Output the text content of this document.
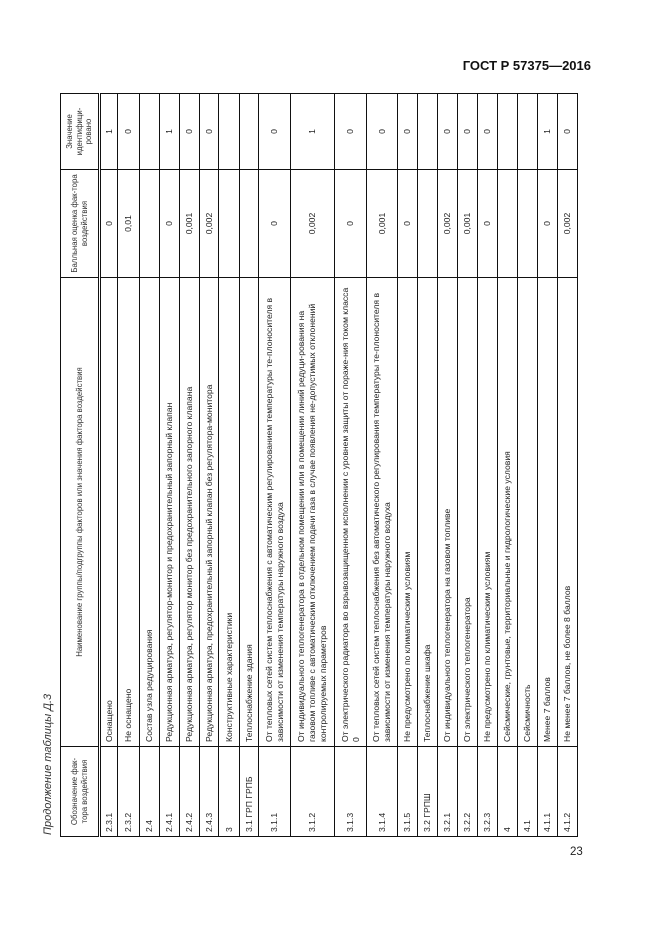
ГОСТ Р 57375—2016
Продолжение таблицы Д.3 Обозначение фак-тора воздействия	Наименование группы/подгруппы факторов или значения фактора воздействия	Балльная оценка фак-тора воздействия	Значение идентифици-ровано
2.3.1	Оснащено	0	1
2.3.2	Не оснащено	0,01	0
2.4	Состав узла редуцирования		
2.4.1	Редукционная арматура, регулятор-монитор и предохранительный запорный клапан	0	1
2.4.2	Редукционная арматура, регулятор монитор без предохранительного запорного клапана	0,001	0
2.4.3	Редукционная арматура, предохранительный запорный клапан без регулятора-монитора	0,002	0
3	Конструктивные характеристики		
3.1 ГРП ГРПБ	Теплоснабжение здания		
3.1.1	От тепловых сетей систем теплоснабжения с автоматическим регулированием температуры те-плоносителя в зависимости от изменения температуры наружного воздуха	0	0
3.1.2	От индивидуального теплогенератора в отдельном помещении или в помещении линий редуци-рования на газовом топливе с автоматическим отключением подачи газа в случае появления не-допустимых отклонений контролируемых параметров	0,002	1
3.1.3	От электрического радиатора во взрывозащищенном исполнении с уровнем защиты от пораже-ния током класса 0	0	0
3.1.4	От тепловых сетей систем теплоснабжения без автоматического регулирования температуры те-плоносителя в зависимости от изменения температуры наружного воздуха	0,001	0
3.1.5	Не предусмотрено по климатическим условиям	0	0
3.2 ГРПШ	Теплоснабжение шкафа		
3.2.1	От индивидуального теплогенератора на газовом топливе	0,002	0
3.2.2	От электрического теплогенератора	0,001	0
3.2.3	Не предусмотрено по климатическим условиям	0	0
4	Сейсмические, грунтовые, территориальные и гидрологические условия		
4.1	Сейсмичность		
4.1.1	Менее 7 баллов	0	1
4.1.2	Не менее 7 баллов, не более 8 баллов	0,002	0
23
